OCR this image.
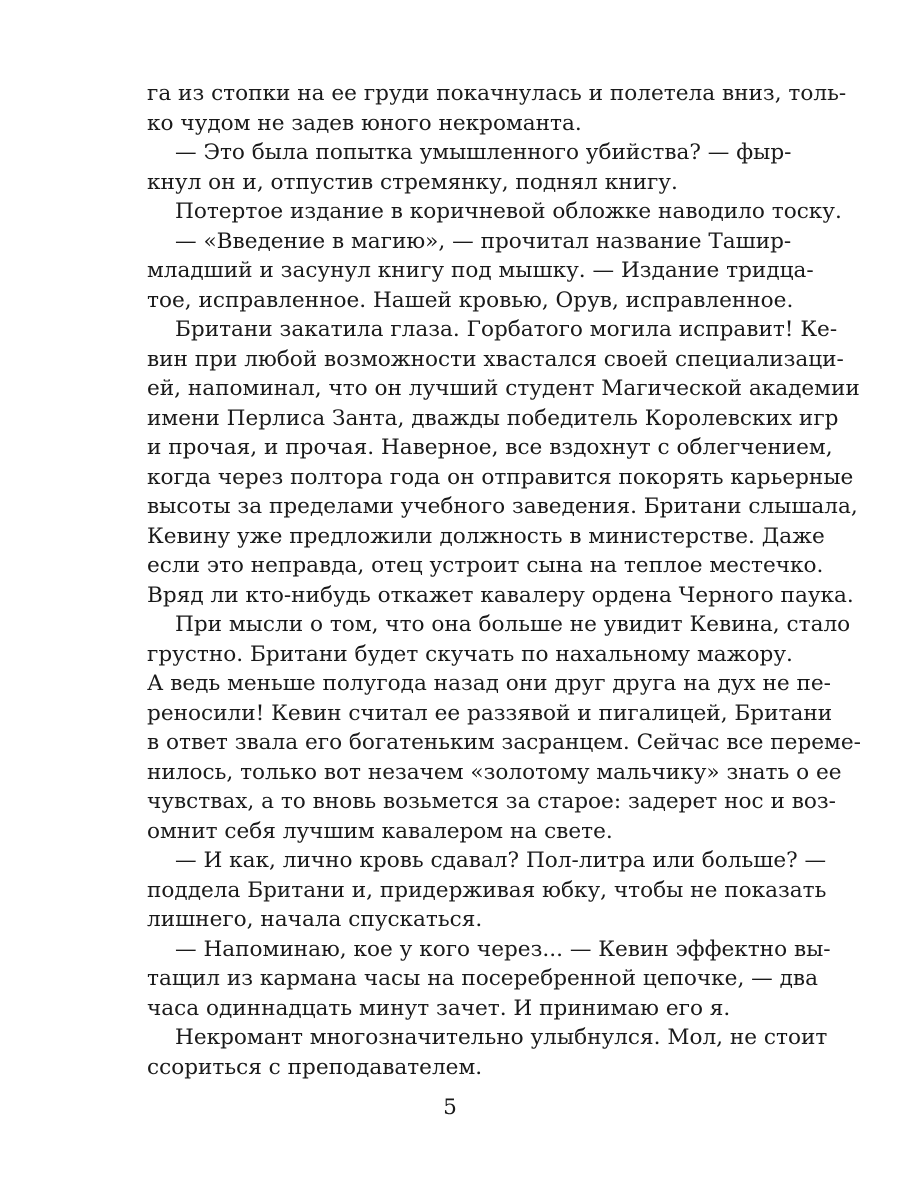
га из стопки на ее груди покачнулась и полетела вниз, толь-
ко чудом не задев юного некроманта.
— Это была попытка умышленного убийства? — фыр-
кнул он и, отпустив стремянку, поднял книгу.
Потертое издание в коричневой обложке наводило тоску.
— «Введение в магию», — прочитал название Ташир-
младший и засунул книгу под мышку. — Издание тридца-
тое, исправленное. Нашей кровью, Орув, исправленное.
Британи закатила глаза. Горбатого могила исправит! Ке-
вин при любой возможности хвастался своей специализаци-
ей, напоминал, что он лучший студент Магической академии
имени Перлиса Занта, дважды победитель Королевских игр
и прочая, и прочая. Наверное, все вздохнут с облегчением,
когда через полтора года он отправится покорять карьерные
высоты за пределами учебного заведения. Британи слышала,
Кевину уже предложили должность в министерстве. Даже
если это неправда, отец устроит сына на теплое местечко.
Вряд ли кто-нибудь откажет кавалеру ордена Черного паука.
При мысли о том, что она больше не увидит Кевина, стало
грустно. Британи будет скучать по нахальному мажору.
А ведь меньше полугода назад они друг друга на дух не пе-
реносили! Кевин считал ее раззявой и пигалицей, Британи
в ответ звала его богатеньким засранцем. Сейчас все переме-
нилось, только вот незачем «золотому мальчику» знать о ее
чувствах, а то вновь возьмется за старое: задерет нос и воз-
омнит себя лучшим кавалером на свете.
— И как, лично кровь сдавал? Пол-литра или больше? —
поддела Британи и, придерживая юбку, чтобы не показать
лишнего, начала спускаться.
— Напоминаю, кое у кого через... — Кевин эффектно вы-
тащил из кармана часы на посеребренной цепочке, — два
часа одиннадцать минут зачет. И принимаю его я.
Некромант многозначительно улыбнулся. Мол, не стоит
ссориться с преподавателем.
5
